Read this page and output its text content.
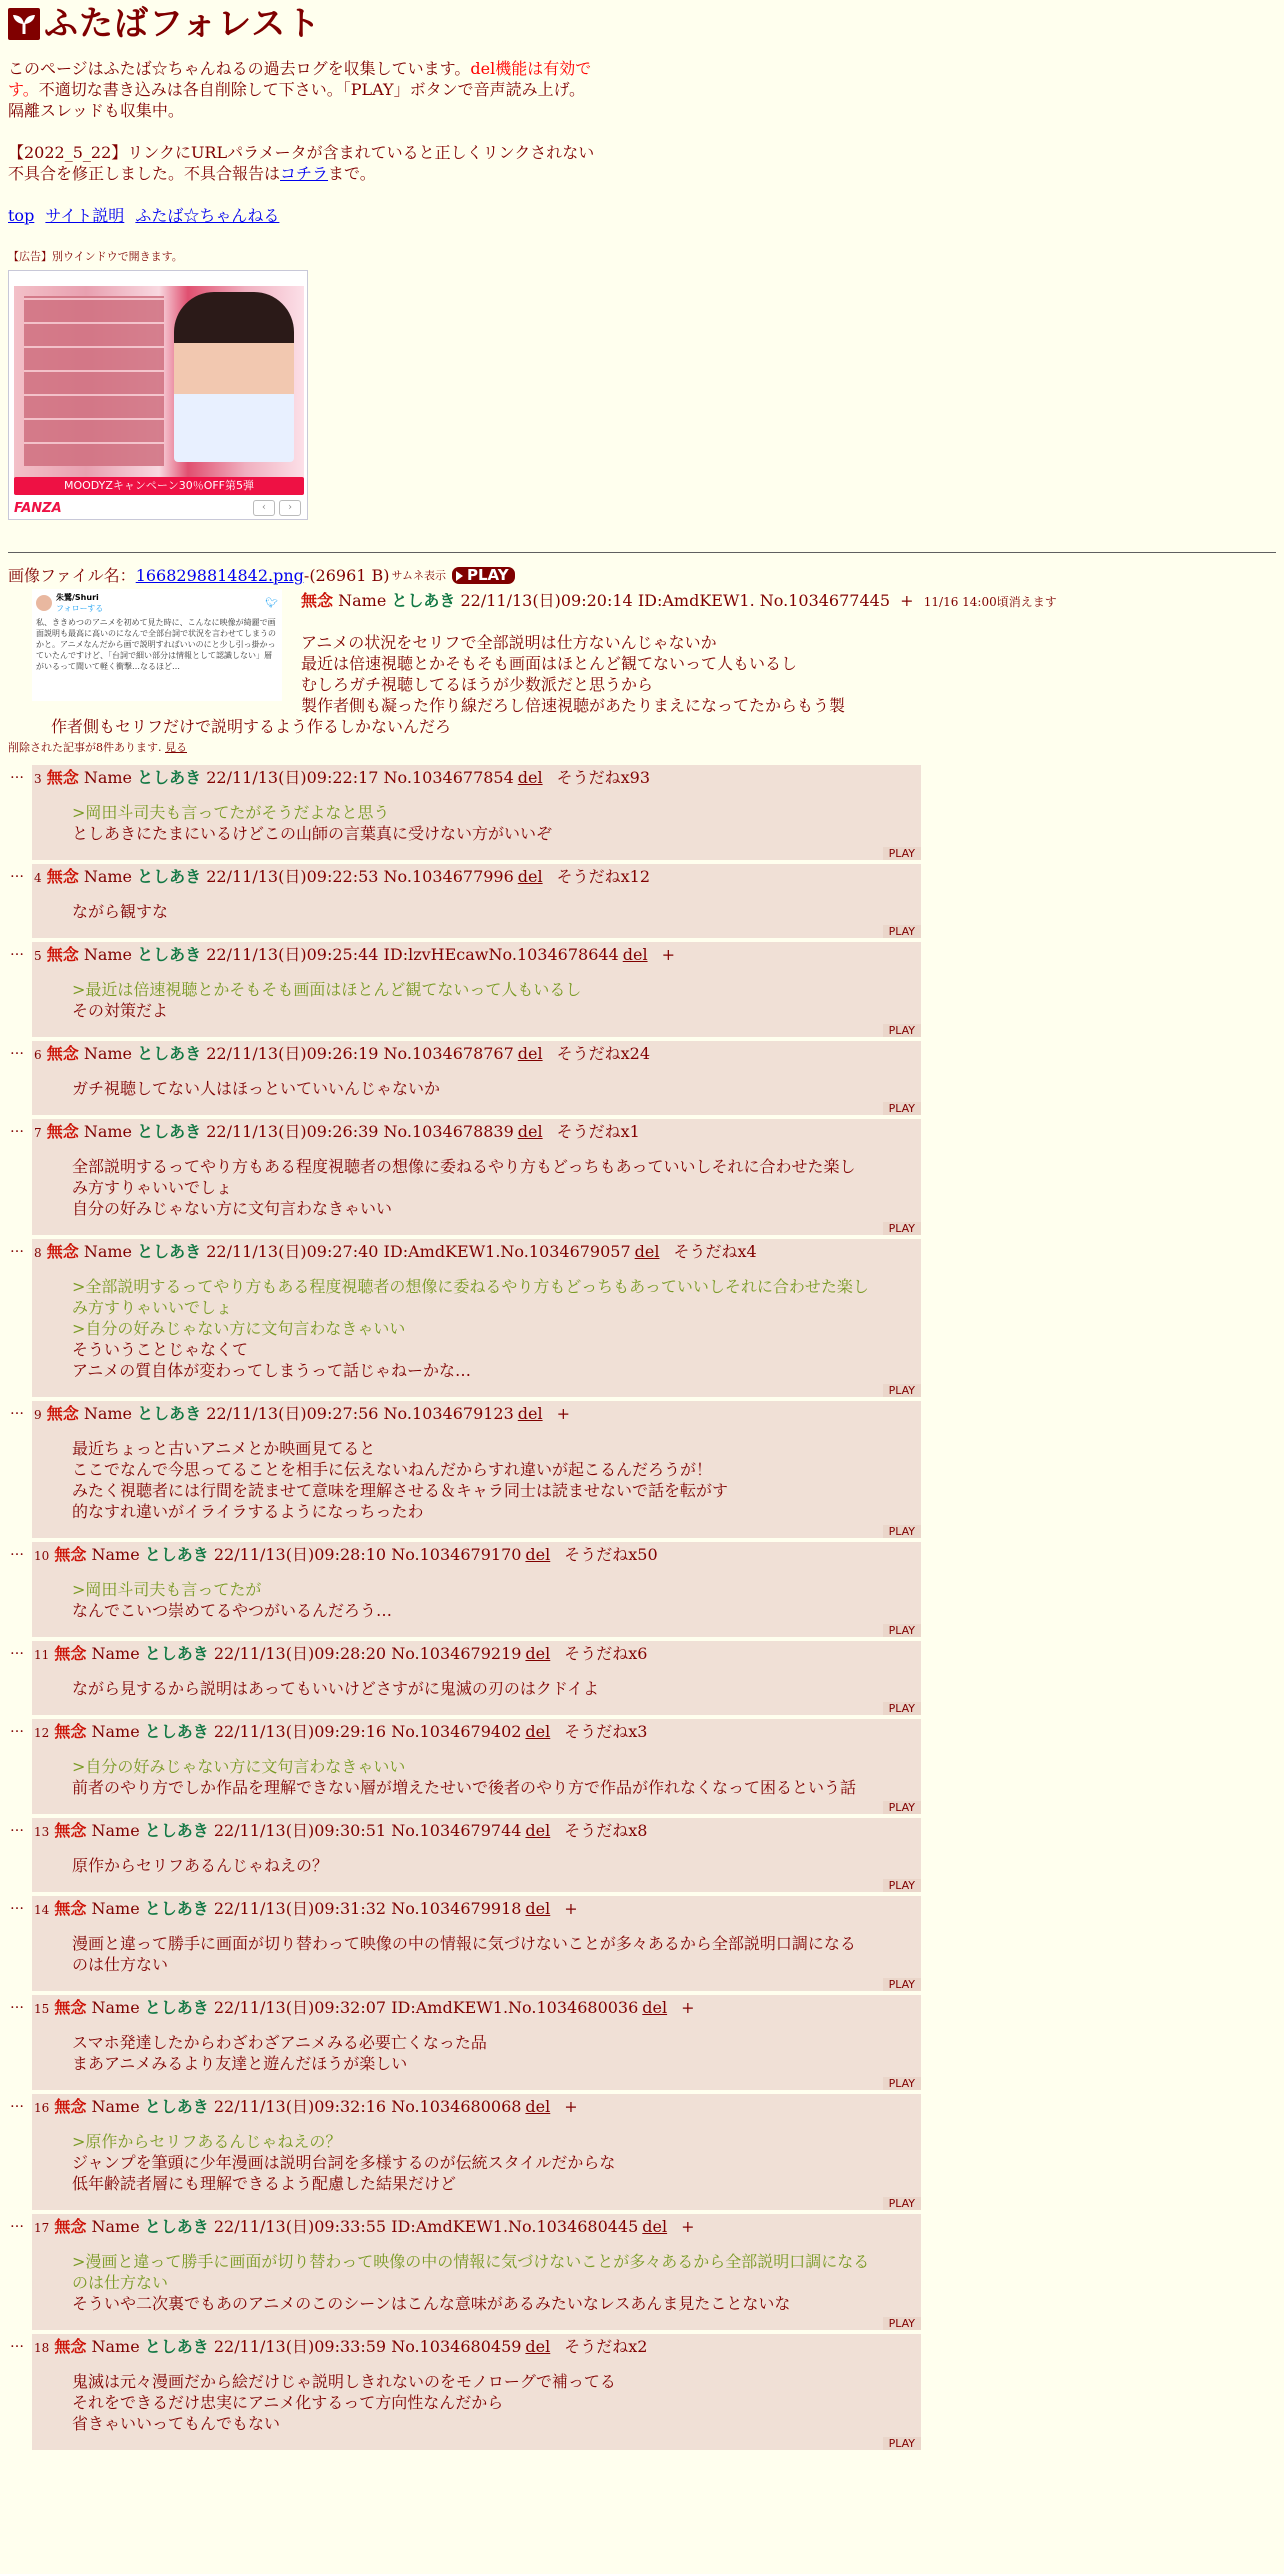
ふたばフォレスト
このページはふたば☆ちゃんねるの過去ログを収集しています。del機能は有効です。不適切な書き込みは各自削除して下さい。「PLAY」ボタンで音声読み上げ。隔離スレッドも収集中。
【2022_5_22】リンクにURLパラメータが含まれていると正しくリンクされない不具合を修正しました。不具合報告はコチラまで。
top サイト説明 ふたば☆ちゃんねる
【広告】別ウインドウで開きます。
MOODYZキャンペーン30％OFF第5弾
FANZA	‹	›
画像ファイル名： 1668298814842.png -(26961 B) サムネ表示 PLAY
朱鷺/Shuri
フォローする	🐦︎
私、ききめつのアニメを初めて見た時に、こんなに映像が綺麗で画面説明も最高に高いのになんで全部台詞で状況を言わせてしまうのかと。アニメなんだから画で説明すればいいのにと少し引っ掛かっていたんですけど、「台詞で細い部分は情報として認識しない」層がいるって聞いて軽く衝撃…なるほど…
無念 Name としあき 22/11/13(日)09:20:14 ID:AmdKEW1. No.1034677445 + 11/16 14:00頃消えます
アニメの状況をセリフで全部説明は仕方ないんじゃないか
最近は倍速視聴とかそもそも画面はほとんど観てないって人もいるし
むしろガチ視聴してるほうが少数派だと思うから
製作者側も凝った作り線だろし倍速視聴があたりまえになってたからもう製
作者側もセリフだけで説明するよう作るしかないんだろ
削除された記事が8件あります. 見る
… 3 無念 Name としあき 22/11/13(日)09:22:17 No.1034677854 del そうだねx93
>岡田斗司夫も言ってたがそうだよなと思う
としあきにたまにいるけどこの山師の言葉真に受けない方がいいぞ
PLAY
… 4 無念 Name としあき 22/11/13(日)09:22:53 No.1034677996 del そうだねx12
ながら観すな
PLAY
… 5 無念 Name としあき 22/11/13(日)09:25:44 ID:lzvHEcawNo.1034678644 del +
>最近は倍速視聴とかそもそも画面はほとんど観てないって人もいるし
その対策だよ
PLAY
… 6 無念 Name としあき 22/11/13(日)09:26:19 No.1034678767 del そうだねx24
ガチ視聴してない人はほっといていいんじゃないか
PLAY
… 7 無念 Name としあき 22/11/13(日)09:26:39 No.1034678839 del そうだねx1
全部説明するってやり方もある程度視聴者の想像に委ねるやり方もどっちもあっていいしそれに合わせた楽し
み方すりゃいいでしょ
自分の好みじゃない方に文句言わなきゃいい
PLAY
… 8 無念 Name としあき 22/11/13(日)09:27:40 ID:AmdKEW1.No.1034679057 del そうだねx4
>全部説明するってやり方もある程度視聴者の想像に委ねるやり方もどっちもあっていいしそれに合わせた楽し
み方すりゃいいでしょ
>自分の好みじゃない方に文句言わなきゃいい
そういうことじゃなくて
アニメの質自体が変わってしまうって話じゃねーかな…
PLAY
… 9 無念 Name としあき 22/11/13(日)09:27:56 No.1034679123 del +
最近ちょっと古いアニメとか映画見てると
ここでなんで今思ってることを相手に伝えないねんだからすれ違いが起こるんだろうが！
みたく視聴者には行間を読ませて意味を理解させる＆キャラ同士は読ませないで話を転がす
的なすれ違いがイライラするようになっちったわ
PLAY
… 10 無念 Name としあき 22/11/13(日)09:28:10 No.1034679170 del そうだねx50
>岡田斗司夫も言ってたが
なんでこいつ崇めてるやつがいるんだろう…
PLAY
… 11 無念 Name としあき 22/11/13(日)09:28:20 No.1034679219 del そうだねx6
ながら見するから説明はあってもいいけどさすがに鬼滅の刃のはクドイよ
PLAY
… 12 無念 Name としあき 22/11/13(日)09:29:16 No.1034679402 del そうだねx3
>自分の好みじゃない方に文句言わなきゃいい
前者のやり方でしか作品を理解できない層が増えたせいで後者のやり方で作品が作れなくなって困るという話
PLAY
… 13 無念 Name としあき 22/11/13(日)09:30:51 No.1034679744 del そうだねx8
原作からセリフあるんじゃねえの？
PLAY
… 14 無念 Name としあき 22/11/13(日)09:31:32 No.1034679918 del +
漫画と違って勝手に画面が切り替わって映像の中の情報に気づけないことが多々あるから全部説明口調になる
のは仕方ない
PLAY
… 15 無念 Name としあき 22/11/13(日)09:32:07 ID:AmdKEW1.No.1034680036 del +
スマホ発達したからわざわざアニメみる必要亡くなった品
まあアニメみるより友達と遊んだほうが楽しい
PLAY
… 16 無念 Name としあき 22/11/13(日)09:32:16 No.1034680068 del +
>原作からセリフあるんじゃねえの？
ジャンプを筆頭に少年漫画は説明台詞を多様するのが伝統スタイルだからな
低年齢読者層にも理解できるよう配慮した結果だけど
PLAY
… 17 無念 Name としあき 22/11/13(日)09:33:55 ID:AmdKEW1.No.1034680445 del +
>漫画と違って勝手に画面が切り替わって映像の中の情報に気づけないことが多々あるから全部説明口調になる
のは仕方ない
そういや二次裏でもあのアニメのこのシーンはこんな意味があるみたいなレスあんま見たことないな
PLAY
… 18 無念 Name としあき 22/11/13(日)09:33:59 No.1034680459 del そうだねx2
鬼滅は元々漫画だから絵だけじゃ説明しきれないのをモノローグで補ってる
それをできるだけ忠実にアニメ化するって方向性なんだから
省きゃいいってもんでもない
PLAY
